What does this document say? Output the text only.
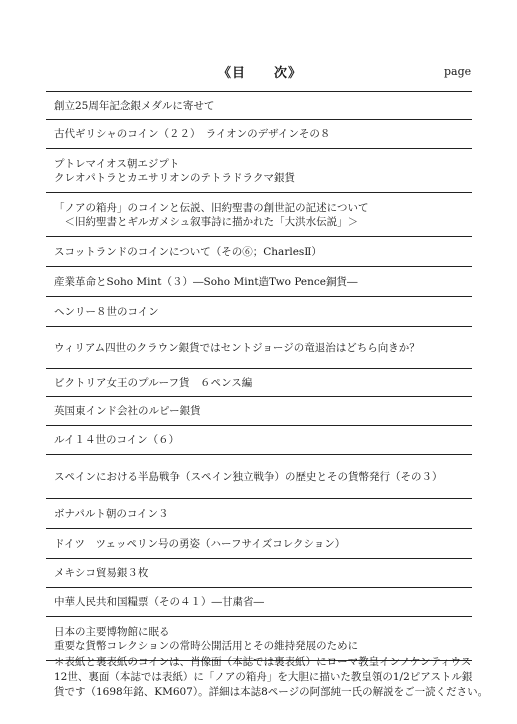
《目　　次》	page
創立25周年記念銀メダルに寄せて
古代ギリシャのコイン（２２）　ライオンのデザインその８
プトレマイオス朝エジプト
クレオパトラとカエサリオンのテトラドラクマ銀貨
「ノアの箱舟」のコインと伝説、旧約聖書の創世記の記述について
　＜旧約聖書とギルガメシュ叙事詩に描かれた「大洪水伝説」＞
スコットランドのコインについて（その⑥；CharlesⅡ）
産業革命とSoho Mint（３）―Soho Mint造Two Pence銅貨―
ヘンリー８世のコイン
ウィリアム四世のクラウン銀貨ではセントジョージの竜退治はどちら向きか？
ビクトリア女王のプルーフ貨　６ペンス編
英国東インド会社のルピー銀貨
ルイ１４世のコイン（６）
スペインにおける半島戦争（スペイン独立戦争）の歴史とその貨幣発行（その３）
ボナパルト朝のコイン３
ドイツ　ツェッペリン号の勇姿（ハーフサイズコレクション）
メキシコ貿易銀３枚
中華人民共和国糧票（その４１）―甘粛省―
日本の主要博物館に眠る
重要な貨幣コレクションの常時公開活用とその維持発展のために

＊表紙と裏表紙のコインは、肖像面（本誌では裏表紙）にローマ教皇インノケンティウス

12世、裏面（本誌では表紙）に「ノアの箱舟」を大胆に描いた教皇領の1/2ピアストル銀

貨です（1698年銘、KM607）。詳細は本誌8ページの阿部純一氏の解説をご一読ください。
